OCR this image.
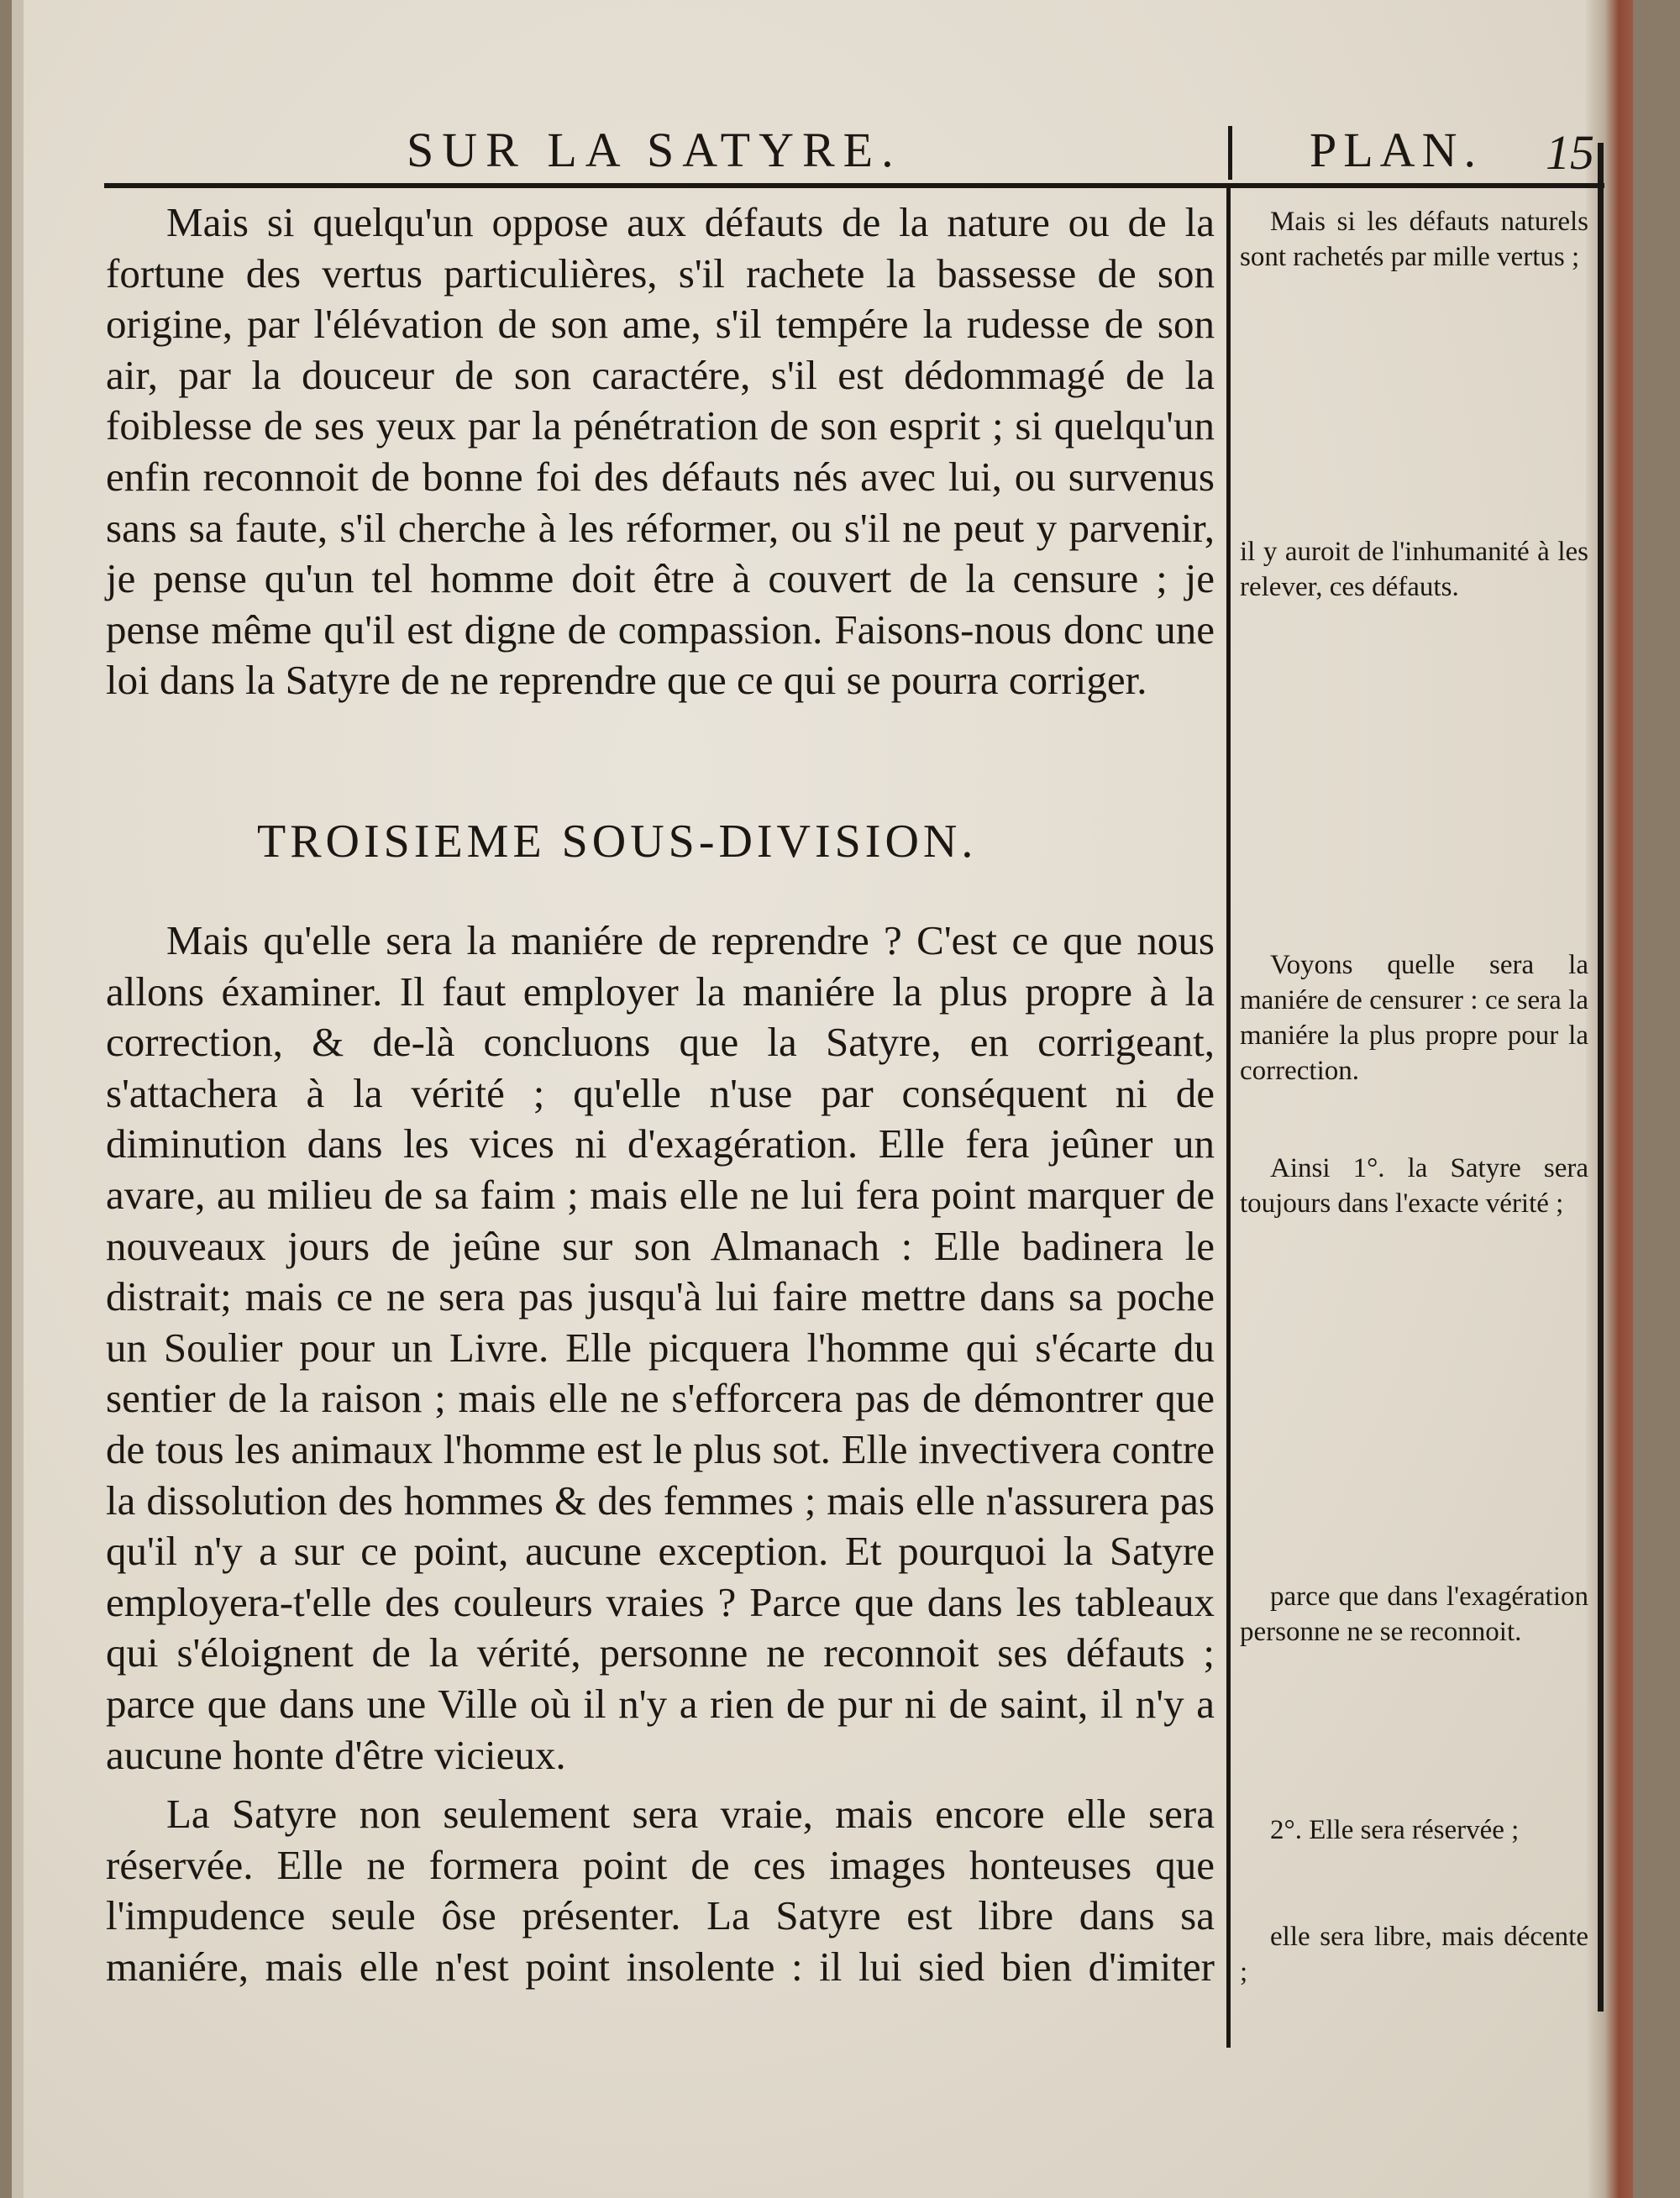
SUR LA SATYRE.	PLAN. 15

Mais si quelqu'un oppose aux défauts de la nature ou de la fortune des vertus particulières, s'il rachete la bassesse de son origine, par l'élévation de son ame, s'il tempére la rudesse de son air, par la douceur de son caractére, s'il est dédommagé de la foiblesse de ses yeux par la pénétration de son esprit ; si quelqu'un enfin reconnoit de bonne foi des défauts nés avec lui, ou survenus sans sa faute, s'il cherche à les réformer, ou s'il ne peut y parvenir, je pense qu'un tel homme doit être à couvert de la censure ; je pense même qu'il est digne de compassion. Faisons-nous donc une loi dans la Satyre de ne reprendre que ce qui se pourra corriger.

TROISIEME SOUS-DIVISION.

Mais qu'elle sera la maniére de reprendre ? C'est ce que nous allons éxaminer. Il faut employer la maniére la plus propre à la correction, & de-là concluons que la Satyre, en corrigeant, s'attachera à la vérité ; qu'elle n'use par conséquent ni de diminution dans les vices ni d'exagération. Elle fera jeûner un avare, au milieu de sa faim ; mais elle ne lui fera point marquer de nouveaux jours de jeûne sur son Almanach : Elle badinera le distrait; mais ce ne sera pas jusqu'à lui faire mettre dans sa poche un Soulier pour un Livre. Elle picquera l'homme qui s'écarte du sentier de la raison ; mais elle ne s'efforcera pas de démontrer que de tous les animaux l'homme est le plus sot. Elle invectivera contre la dissolution des hommes & des femmes ; mais elle n'assurera pas qu'il n'y a sur ce point, aucune exception. Et pourquoi la Satyre employera-t'elle des couleurs vraies ? Parce que dans les tableaux qui s'éloignent de la vérité, personne ne reconnoit ses défauts ; parce que dans une Ville où il n'y a rien de pur ni de saint, il n'y a aucune honte d'être vicieux.

La Satyre non seulement sera vraie, mais encore elle sera réservée. Elle ne formera point de ces images honteuses que l'impudence seule ôse présenter. La Satyre est libre dans sa maniére, mais elle n'est point insolente : il lui sied bien d'imiter

Mais si les défauts naturels sont rachetés par mille vertus ;

il y auroit de l'inhumanité à les relever, ces défauts.

Voyons quelle sera la maniére de censurer : ce sera la maniére la plus propre pour la correction.

Ainsi 1°. la Satyre sera toujours dans l'exacte vérité ;

parce que dans l'exagération personne ne se reconnoit.

2°. Elle sera réservée ;

elle sera libre, mais décente ;
